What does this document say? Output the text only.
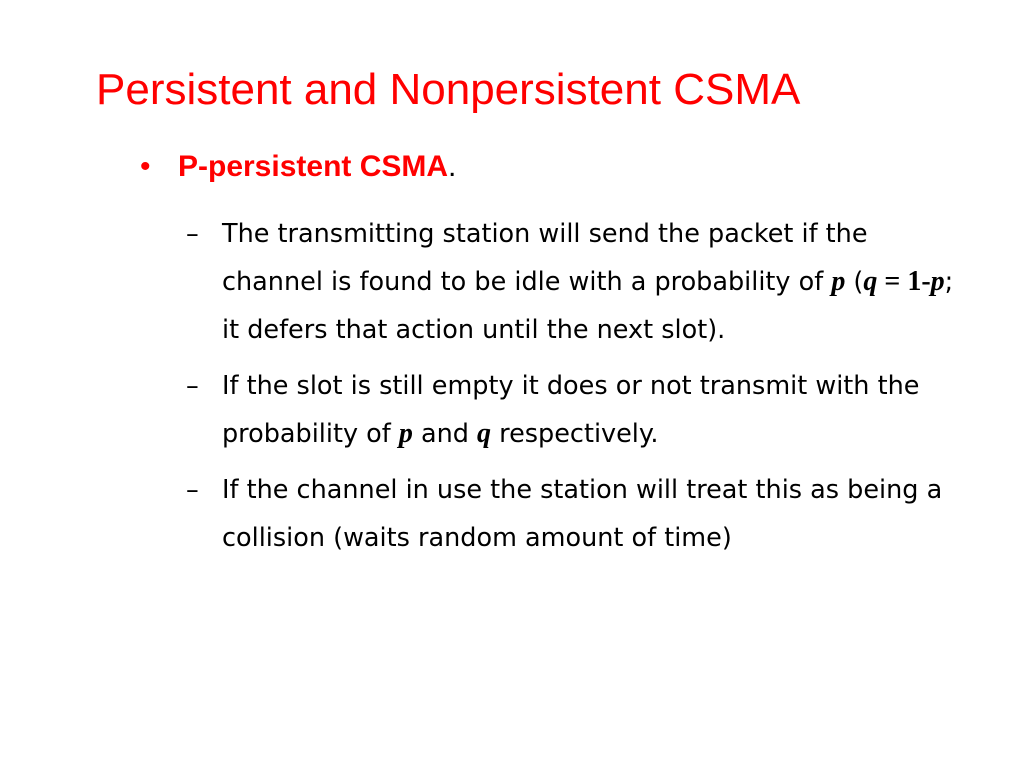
Persistent and Nonpersistent CSMA
• P-persistent CSMA.
– The transmitting station will send the packet if the channel is found to be idle with a probability of p (q = 1-p; it defers that action until the next slot).
– If the slot is still empty it does or not transmit with the probability of p and q respectively.
– If the channel in use the station will treat this as being a collision (waits random amount of time)
